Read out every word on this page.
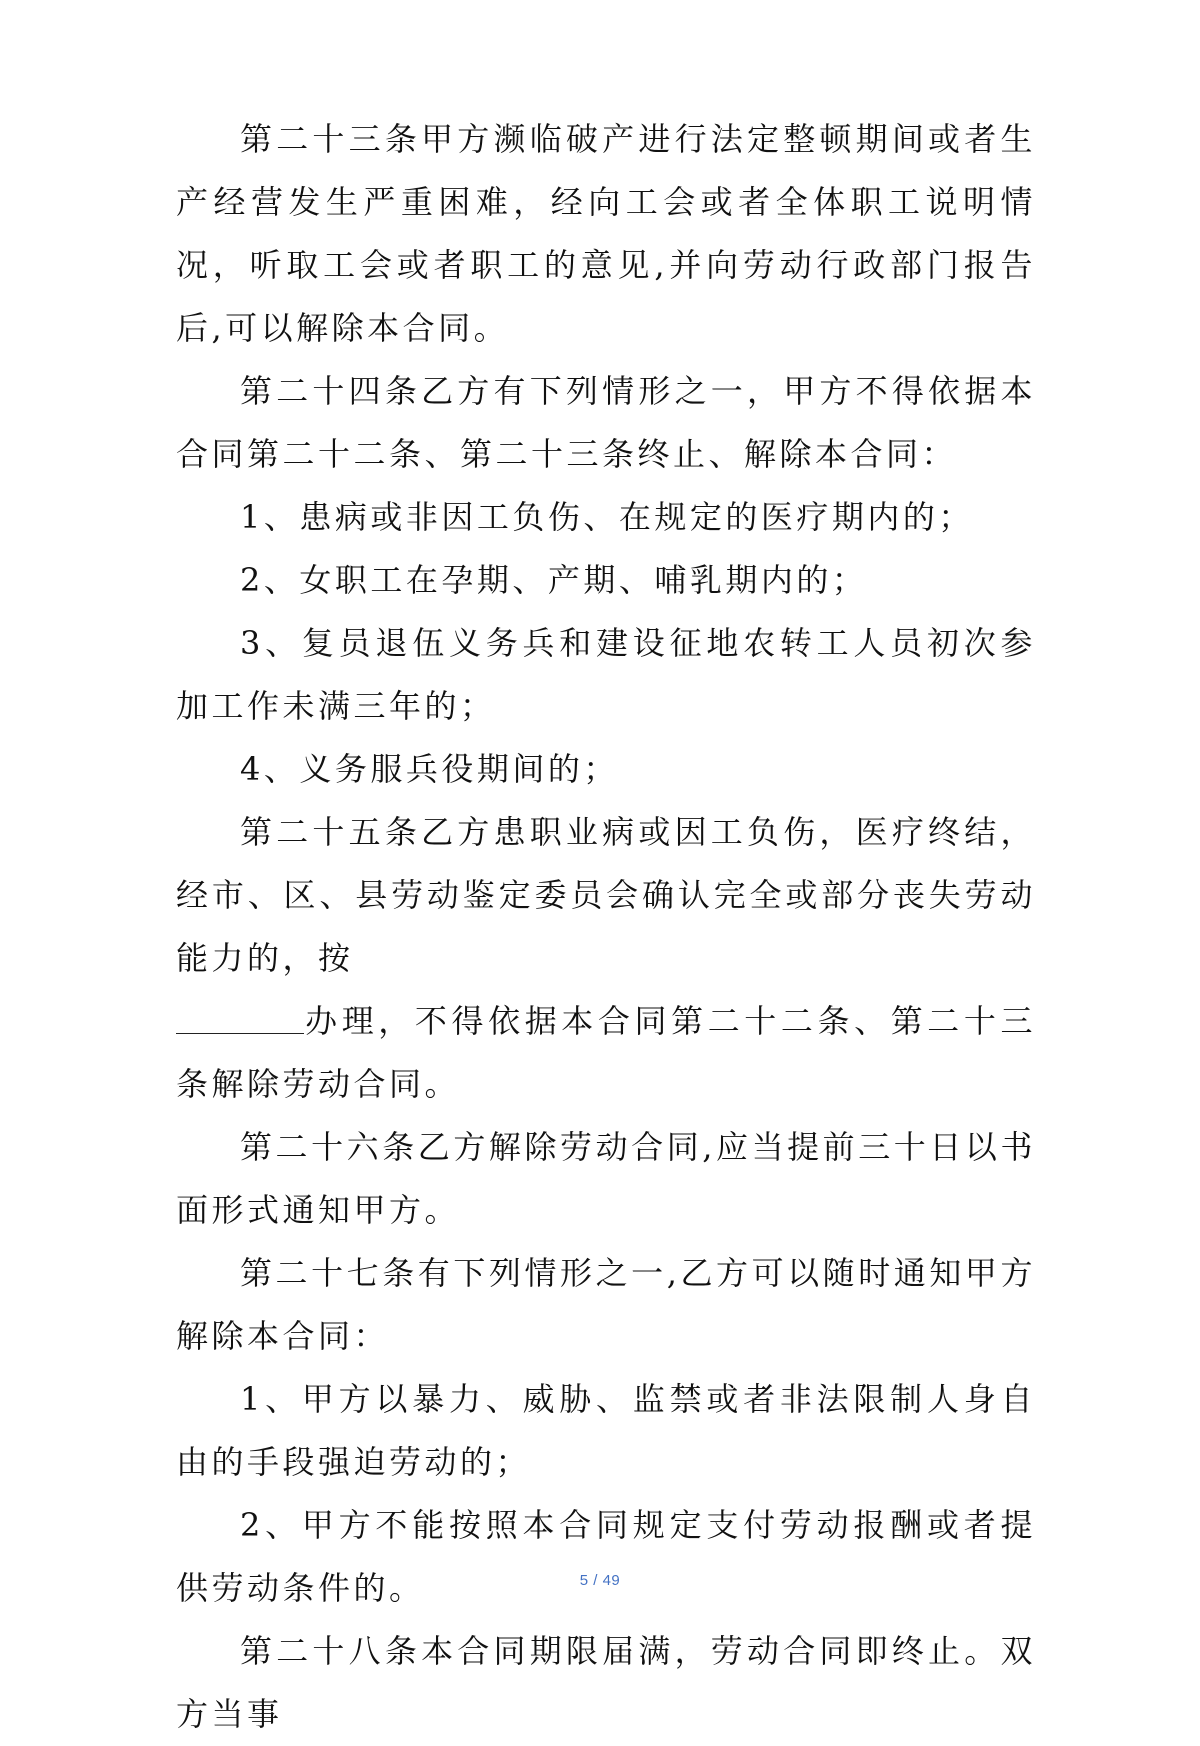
第二十三条甲方濒临破产进行法定整顿期间或者生产经营发生严重困难，经向工会或者全体职工说明情况，听取工会或者职工的意见,并向劳动行政部门报告后,可以解除本合同。

第二十四条乙方有下列情形之一，甲方不得依据本合同第二十二条、第二十三条终止、解除本合同：

1、患病或非因工负伤、在规定的医疗期内的；

2、女职工在孕期、产期、哺乳期内的；

3、复员退伍义务兵和建设征地农转工人员初次参加工作未满三年的；

4、义务服兵役期间的；

第二十五条乙方患职业病或因工负伤，医疗终结，经市、区、县劳动鉴定委员会确认完全或部分丧失劳动能力的，按

办理，不得依据本合同第二十二条、第二十三条解除劳动合同。

第二十六条乙方解除劳动合同,应当提前三十日以书面形式通知甲方。

第二十七条有下列情形之一,乙方可以随时通知甲方解除本合同：

1、甲方以暴力、威胁、监禁或者非法限制人身自由的手段强迫劳动的；

2、甲方不能按照本合同规定支付劳动报酬或者提供劳动条件的。

第二十八条本合同期限届满，劳动合同即终止。双方当事

5 / 49
